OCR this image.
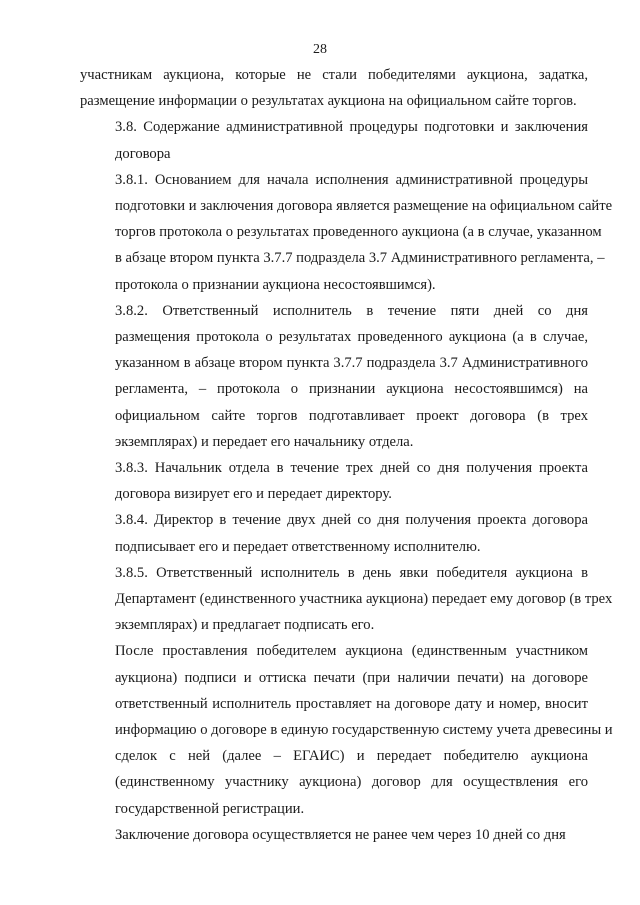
28
участникам аукциона, которые не стали победителями аукциона, задатка,
размещение информации о результатах аукциона на официальном сайте торгов.
3.8. Содержание административной процедуры подготовки и заключения
договора
3.8.1. Основанием для начала исполнения административной процедуры
подготовки и заключения договора является размещение на официальном сайте
торгов протокола о результатах проведенного аукциона (а в случае, указанном
в абзаце втором пункта 3.7.7 подраздела 3.7 Административного регламента, –
протокола о признании аукциона несостоявшимся).
3.8.2. Ответственный исполнитель в течение пяти дней со дня
размещения протокола о результатах проведенного аукциона (а в случае,
указанном в абзаце втором пункта 3.7.7 подраздела 3.7 Административного
регламента, – протокола о признании аукциона несостоявшимся) на
официальном сайте торгов подготавливает проект договора (в трех
экземплярах) и передает его начальнику отдела.
3.8.3. Начальник отдела в течение трех дней со дня получения проекта
договора визирует его и передает директору.
3.8.4. Директор в течение двух дней со дня получения проекта договора
подписывает его и передает ответственному исполнителю.
3.8.5. Ответственный исполнитель в день явки победителя аукциона в
Департамент (единственного участника аукциона) передает ему договор (в трех
экземплярах) и предлагает подписать его.
После проставления победителем аукциона (единственным участником
аукциона) подписи и оттиска печати (при наличии печати) на договоре
ответственный исполнитель проставляет на договоре дату и номер, вносит
информацию о договоре в единую государственную систему учета древесины и
сделок с ней (далее – ЕГАИС) и передает победителю аукциона
(единственному участнику аукциона) договор для осуществления его
государственной регистрации.
Заключение договора осуществляется не ранее чем через 10 дней со дня
